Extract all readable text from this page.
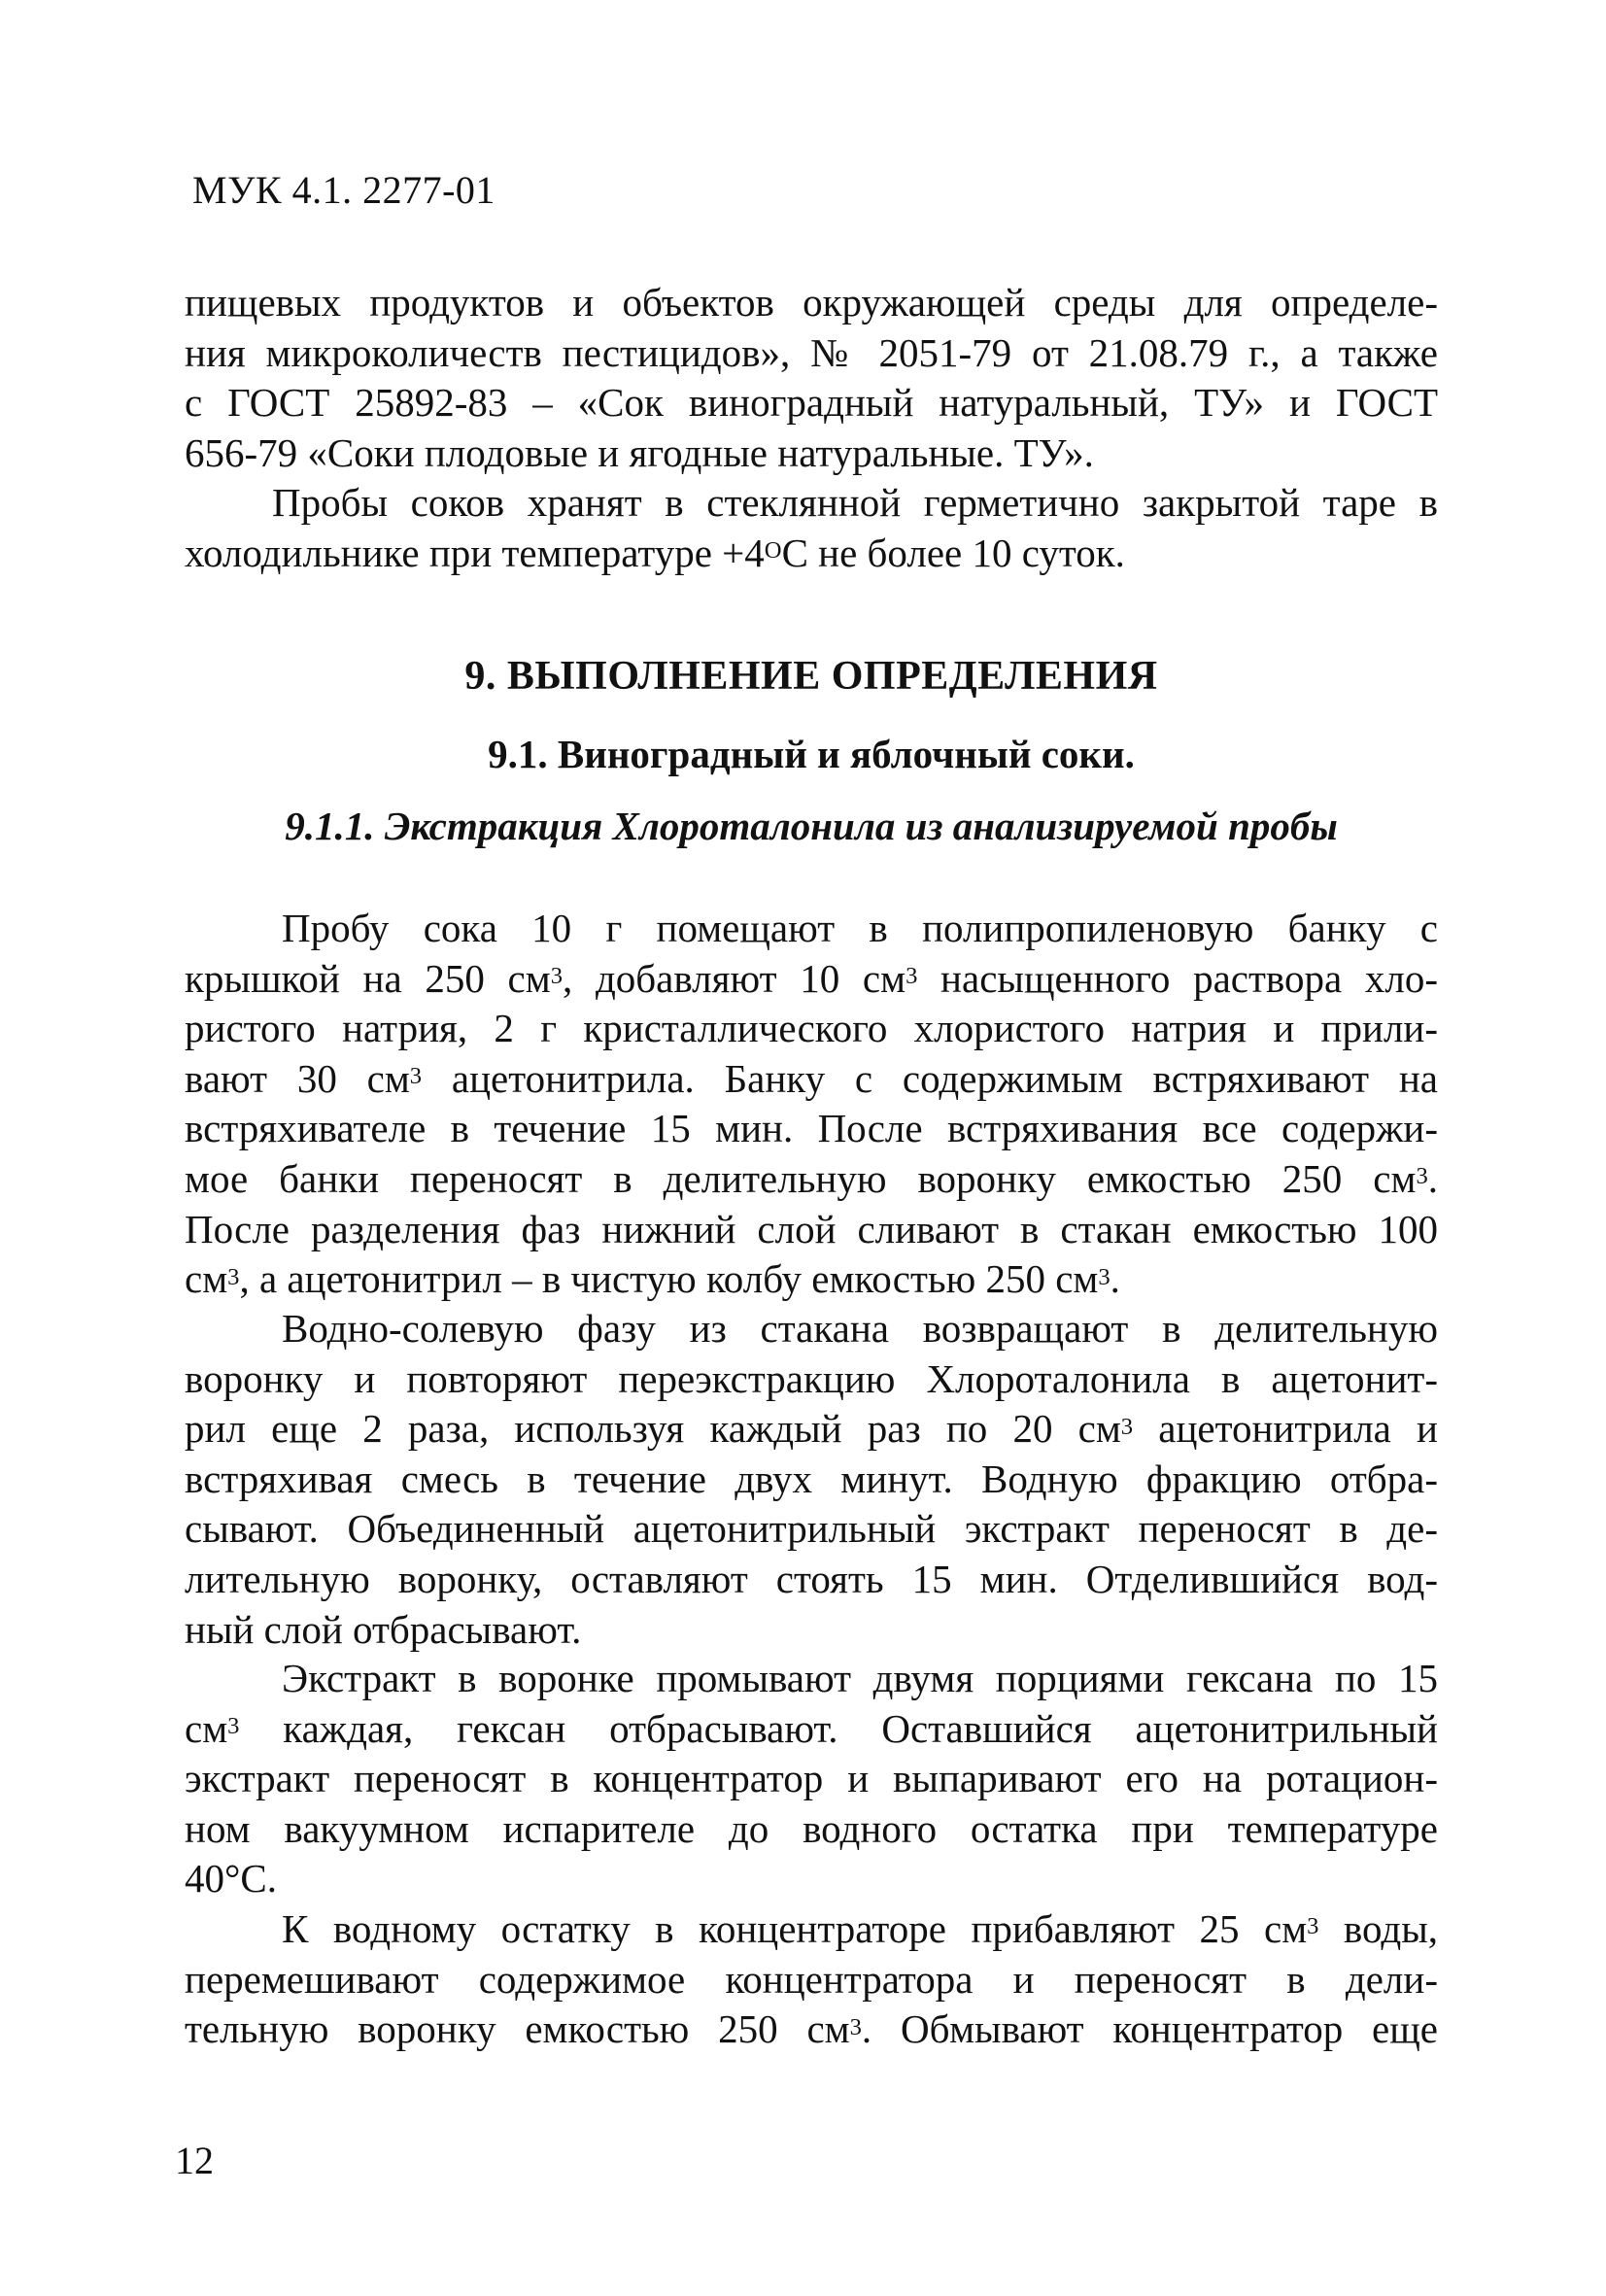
МУК 4.1. 2277-01
пищевых продуктов и объектов окружающей среды для определе-
ния микроколичеств пестицидов», № 2051-79 от 21.08.79 г., а также
с ГОСТ 25892-83 – «Сок виноградный натуральный, ТУ» и ГОСТ
656-79 «Соки плодовые и ягодные натуральные. ТУ».
Пробы соков хранят в стеклянной герметично закрытой таре в
холодильнике при температуре $+4^ОС$ не более 10 суток.
9. ВЫПОЛНЕНИЕ ОПРЕДЕЛЕНИЯ
9.1. Виноградный и яблочный соки.
9.1.1. Экстракция Хлороталонила из анализируемой пробы
Пробу сока 10 г помещают в полипропиленовую банку с
крышкой на 250 $см^3$, добавляют 10 $см^3$ насыщенного раствора хло-
ристого натрия, 2 г кристаллического хлористого натрия и прили-
вают 30 $см^3$ ацетонитрила. Банку с содержимым встряхивают на
встряхивателе в течение 15 мин. После встряхивания все содержи-
мое банки переносят в делительную воронку емкостью 250 $см^3$.
После разделения фаз нижний слой сливают в стакан емкостью 100
$см^3$, а ацетонитрил – в чистую колбу емкостью 250 $см^3$.
Водно-солевую фазу из стакана возвращают в делительную
воронку и повторяют переэкстракцию Хлороталонила в ацетонит-
рил еще 2 раза, используя каждый раз по 20 $см^3$ ацетонитрила и
встряхивая смесь в течение двух минут. Водную фракцию отбра-
сывают. Объединенный ацетонитрильный экстракт переносят в де-
лительную воронку, оставляют стоять 15 мин. Отделившийся вод-
ный слой отбрасывают.
Экстракт в воронке промывают двумя порциями гексана по 15
$см^3$ каждая, гексан отбрасывают. Оставшийся ацетонитрильный
экстракт переносят в концентратор и выпаривают его на ротацион-
ном вакуумном испарителе до водного остатка при температуре
40°С.
К водному остатку в концентраторе прибавляют 25 $см^3$ воды,
перемешивают содержимое концентратора и переносят в дели-
тельную воронку емкостью 250 $см^3$. Обмывают концентратор еще
12
